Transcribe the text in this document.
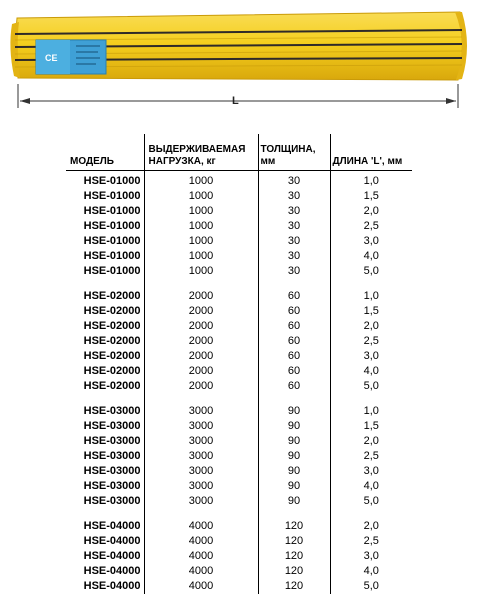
CE
L
МОДЕЛЬ	ВЫДЕРЖИВАЕМАЯ НАГРУЗКА, кг	ТОЛЩИНА, мм	ДЛИНА 'L', мм
HSE-01000	1000	30	1,0
HSE-01000	1000	30	1,5
HSE-01000	1000	30	2,0
HSE-01000	1000	30	2,5
HSE-01000	1000	30	3,0
HSE-01000	1000	30	4,0
HSE-01000	1000	30	5,0

HSE-02000	2000	60	1,0
HSE-02000	2000	60	1,5
HSE-02000	2000	60	2,0
HSE-02000	2000	60	2,5
HSE-02000	2000	60	3,0
HSE-02000	2000	60	4,0
HSE-02000	2000	60	5,0

HSE-03000	3000	90	1,0
HSE-03000	3000	90	1,5
HSE-03000	3000	90	2,0
HSE-03000	3000	90	2,5
HSE-03000	3000	90	3,0
HSE-03000	3000	90	4,0
HSE-03000	3000	90	5,0

HSE-04000	4000	120	2,0
HSE-04000	4000	120	2,5
HSE-04000	4000	120	3,0
HSE-04000	4000	120	4,0
HSE-04000	4000	120	5,0
